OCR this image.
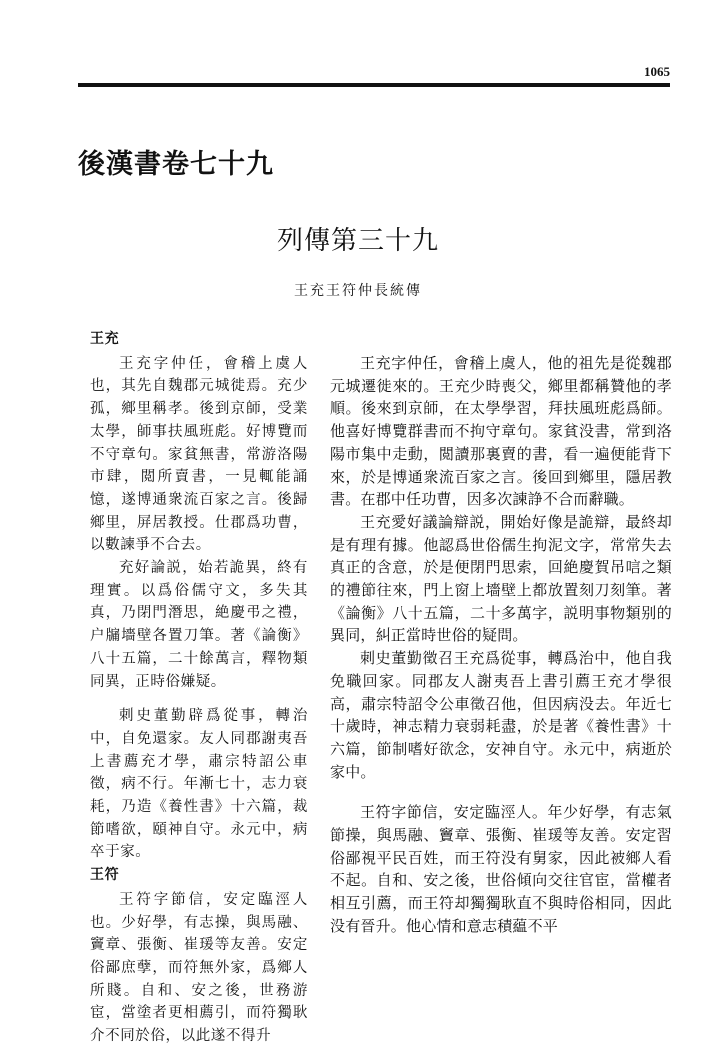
1065
後漢書卷七十九
列傳第三十九
王充王符仲長統傳
王充

王充字仲任，會稽上虞人也，其先自魏郡元城徙焉。充少孤，鄉里稱孝。後到京師，受業太學，師事扶風班彪。好博覽而不守章句。家貧無書，常游洛陽市肆，閲所賣書，一見輒能誦憶，遂博通衆流百家之言。後歸鄉里，屏居教授。仕郡爲功曹，以數諫爭不合去。

充好論説，始若詭異，終有理實。以爲俗儒守文，多失其真，乃閉門潛思，絶慶弔之禮，户牖墻壁各置刀筆。著《論衡》八十五篇，二十餘萬言，釋物類同異，正時俗嫌疑。

刺史董勤辟爲從事，轉治中，自免還家。友人同郡謝夷吾上書薦充才學，肅宗特詔公車徵，病不行。年漸七十，志力衰耗，乃造《養性書》十六篇，裁節嗜欲，頤神自守。永元中，病卒于家。

王符

王符字節信，安定臨涇人也。少好學，有志操，與馬融、竇章、張衡、崔瑗等友善。安定俗鄙庶孽，而符無外家，爲鄉人所賤。自和、安之後，世務游宦，當塗者更相薦引，而符獨耿介不同於俗，以此遂不得升

王充字仲任，會稽上虞人，他的祖先是從魏郡元城遷徙來的。王充少時喪父，鄉里都稱贊他的孝順。後來到京師，在太學學習，拜扶風班彪爲師。他喜好博覽群書而不拘守章句。家貧没書，常到洛陽市集中走動，閲讀那裏賣的書，看一遍便能背下來，於是博通衆流百家之言。後回到鄉里，隱居教書。在郡中任功曹，因多次諫諍不合而辭職。

王充愛好議論辯説，開始好像是詭辯，最終却是有理有據。他認爲世俗儒生拘泥文字，常常失去真正的含意，於是便閉門思索，回絶慶賀吊唁之類的禮節往來，門上窗上墻壁上都放置刻刀刻筆。著《論衡》八十五篇，二十多萬字，説明事物類别的異同，糾正當時世俗的疑問。

刺史董勤徵召王充爲從事，轉爲治中，他自我免職回家。同郡友人謝夷吾上書引薦王充才學很高，肅宗特詔令公車徵召他，但因病没去。年近七十歲時，神志精力衰弱耗盡，於是著《養性書》十六篇，節制嗜好欲念，安神自守。永元中，病逝於家中。

王符字節信，安定臨涇人。年少好學，有志氣節操，與馬融、竇章、張衡、崔瑗等友善。安定習俗鄙視平民百姓，而王符没有舅家，因此被鄉人看不起。自和、安之後，世俗傾向交往官宦，當權者相互引薦，而王符却獨獨耿直不與時俗相同，因此没有晉升。他心情和意志積藴不平
